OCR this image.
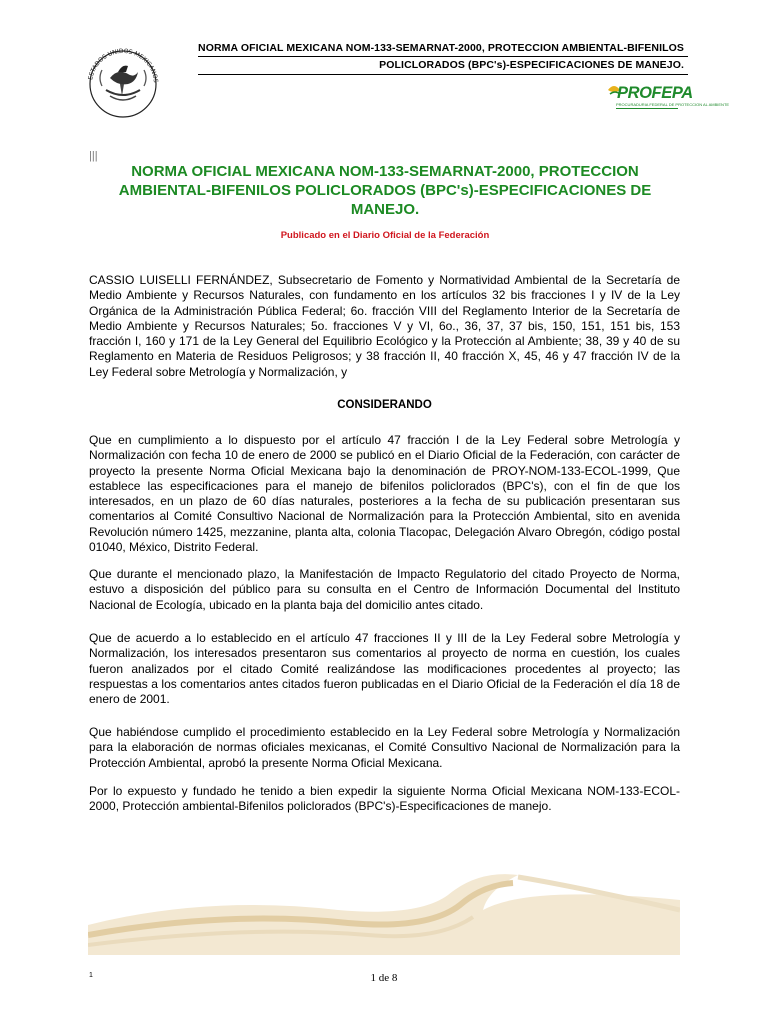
NORMA OFICIAL MEXICANA NOM-133-SEMARNAT-2000, PROTECCION AMBIENTAL-BIFENILOS
POLICLORADOS (BPC's)-ESPECIFICACIONES DE MANEJO.
ESTADOS UNIDOS MEXICANOS
PROFEPA
PROCURADURIA FEDERAL DE PROTECCION AL AMBIENTE
|||
NORMA OFICIAL MEXICANA NOM-133-SEMARNAT-2000, PROTECCION AMBIENTAL-BIFENILOS POLICLORADOS (BPC's)-ESPECIFICACIONES DE MANEJO.
Publicado en el Diario Oficial de la Federación
CASSIO LUISELLI FERNÁNDEZ, Subsecretario de Fomento y Normatividad Ambiental de la Secretaría de Medio Ambiente y Recursos Naturales, con fundamento en los artículos 32 bis fracciones I y IV de la Ley Orgánica de la Administración Pública Federal; 6o. fracción VIII del Reglamento Interior de la Secretaría de Medio Ambiente y Recursos Naturales; 5o. fracciones V y VI, 6o., 36, 37, 37 bis, 150, 151, 151 bis, 153 fracción I, 160 y 171 de la Ley General del Equilibrio Ecológico y la Protección al Ambiente; 38, 39 y 40 de su Reglamento en Materia de Residuos Peligrosos; y 38 fracción II, 40 fracción X, 45, 46 y 47 fracción IV de la Ley Federal sobre Metrología y Normalización, y
CONSIDERANDO
Que en cumplimiento a lo dispuesto por el artículo 47 fracción I de la Ley Federal sobre Metrología y Normalización con fecha 10 de enero de 2000 se publicó en el Diario Oficial de la Federación, con carácter de proyecto la presente Norma Oficial Mexicana bajo la denominación de PROY-NOM-133-ECOL-1999, Que establece las especificaciones para el manejo de bifenilos policlorados (BPC's), con el fin de que los interesados, en un plazo de 60 días naturales, posteriores a la fecha de su publicación presentaran sus comentarios al Comité Consultivo Nacional de Normalización para la Protección Ambiental, sito en avenida Revolución número 1425, mezzanine, planta alta, colonia Tlacopac, Delegación Alvaro Obregón, código postal 01040, México, Distrito Federal.
Que durante el mencionado plazo, la Manifestación de Impacto Regulatorio del citado Proyecto de Norma, estuvo a disposición del público para su consulta en el Centro de Información Documental del Instituto Nacional de Ecología, ubicado en la planta baja del domicilio antes citado.
Que de acuerdo a lo establecido en el artículo 47 fracciones II y III de la Ley Federal sobre Metrología y Normalización, los interesados presentaron sus comentarios al proyecto de norma en cuestión, los cuales fueron analizados por el citado Comité realizándose las modificaciones procedentes al proyecto; las respuestas a los comentarios antes citados fueron publicadas en el Diario Oficial de la Federación el día 18 de enero de 2001.
Que habiéndose cumplido el procedimiento establecido en la Ley Federal sobre Metrología y Normalización para la elaboración de normas oficiales mexicanas, el Comité Consultivo Nacional de Normalización para la Protección Ambiental, aprobó la presente Norma Oficial Mexicana.
Por lo expuesto y fundado he tenido a bien expedir la siguiente Norma Oficial Mexicana NOM-133-ECOL-2000, Protección ambiental-Bifenilos policlorados (BPC's)-Especificaciones de manejo.
1	1 de 8
